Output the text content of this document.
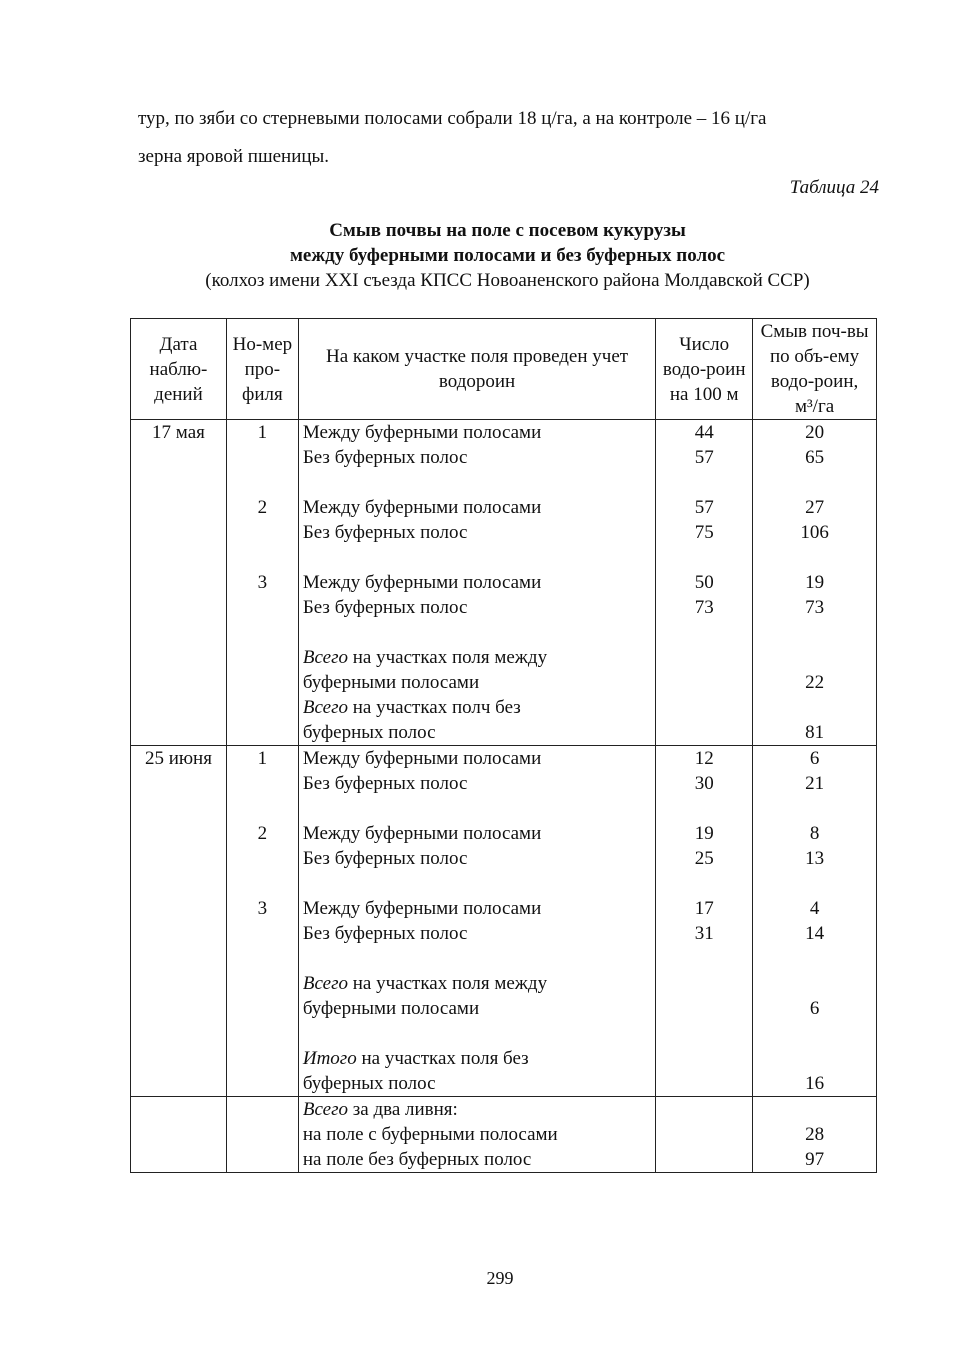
тур, по зяби со стерневыми полосами собрали 18 ц/га, а на контроле – 16 ц/га

зерна яровой пшеницы.

Таблица 24
Смыв почвы на поле с посевом кукурузы
между буферными полосами и без буферных полос
(колхоз имени XXI съезда КПСС Новоаненского района Молдавской ССР)
Дата наблю-дений	Но-мер про-филя	На каком участке поля проведен учет водороин	Число водо-роин на 100 м	Смыв поч-вы по объ-ему водо-роин, м³/га
17 мая	1	Между буферными полосами	44	20
		Без буферных полос	57	65

	2	Между буферными полосами	57	27
		Без буферных полос	75	106

	3	Между буферными полосами	50	19
		Без буферных полос	73	73

		Всего на участках поля между		
		буферными полосами		22
		Всего на участках полч без		
		буферных полос		81
25 июня	1	Между буферными полосами	12	6
		Без буферных полос	30	21

	2	Между буферными полосами	19	8
		Без буферных полос	25	13

	3	Между буферными полосами	17	4
		Без буферных полос	31	14

		Всего на участках поля между		
		буферными полосами		6

		Итого на участках поля без		
		буферных полос		16
		Всего за два ливня:		
		на поле с буферными полосами		28
		на поле без буферных полос		97
299
